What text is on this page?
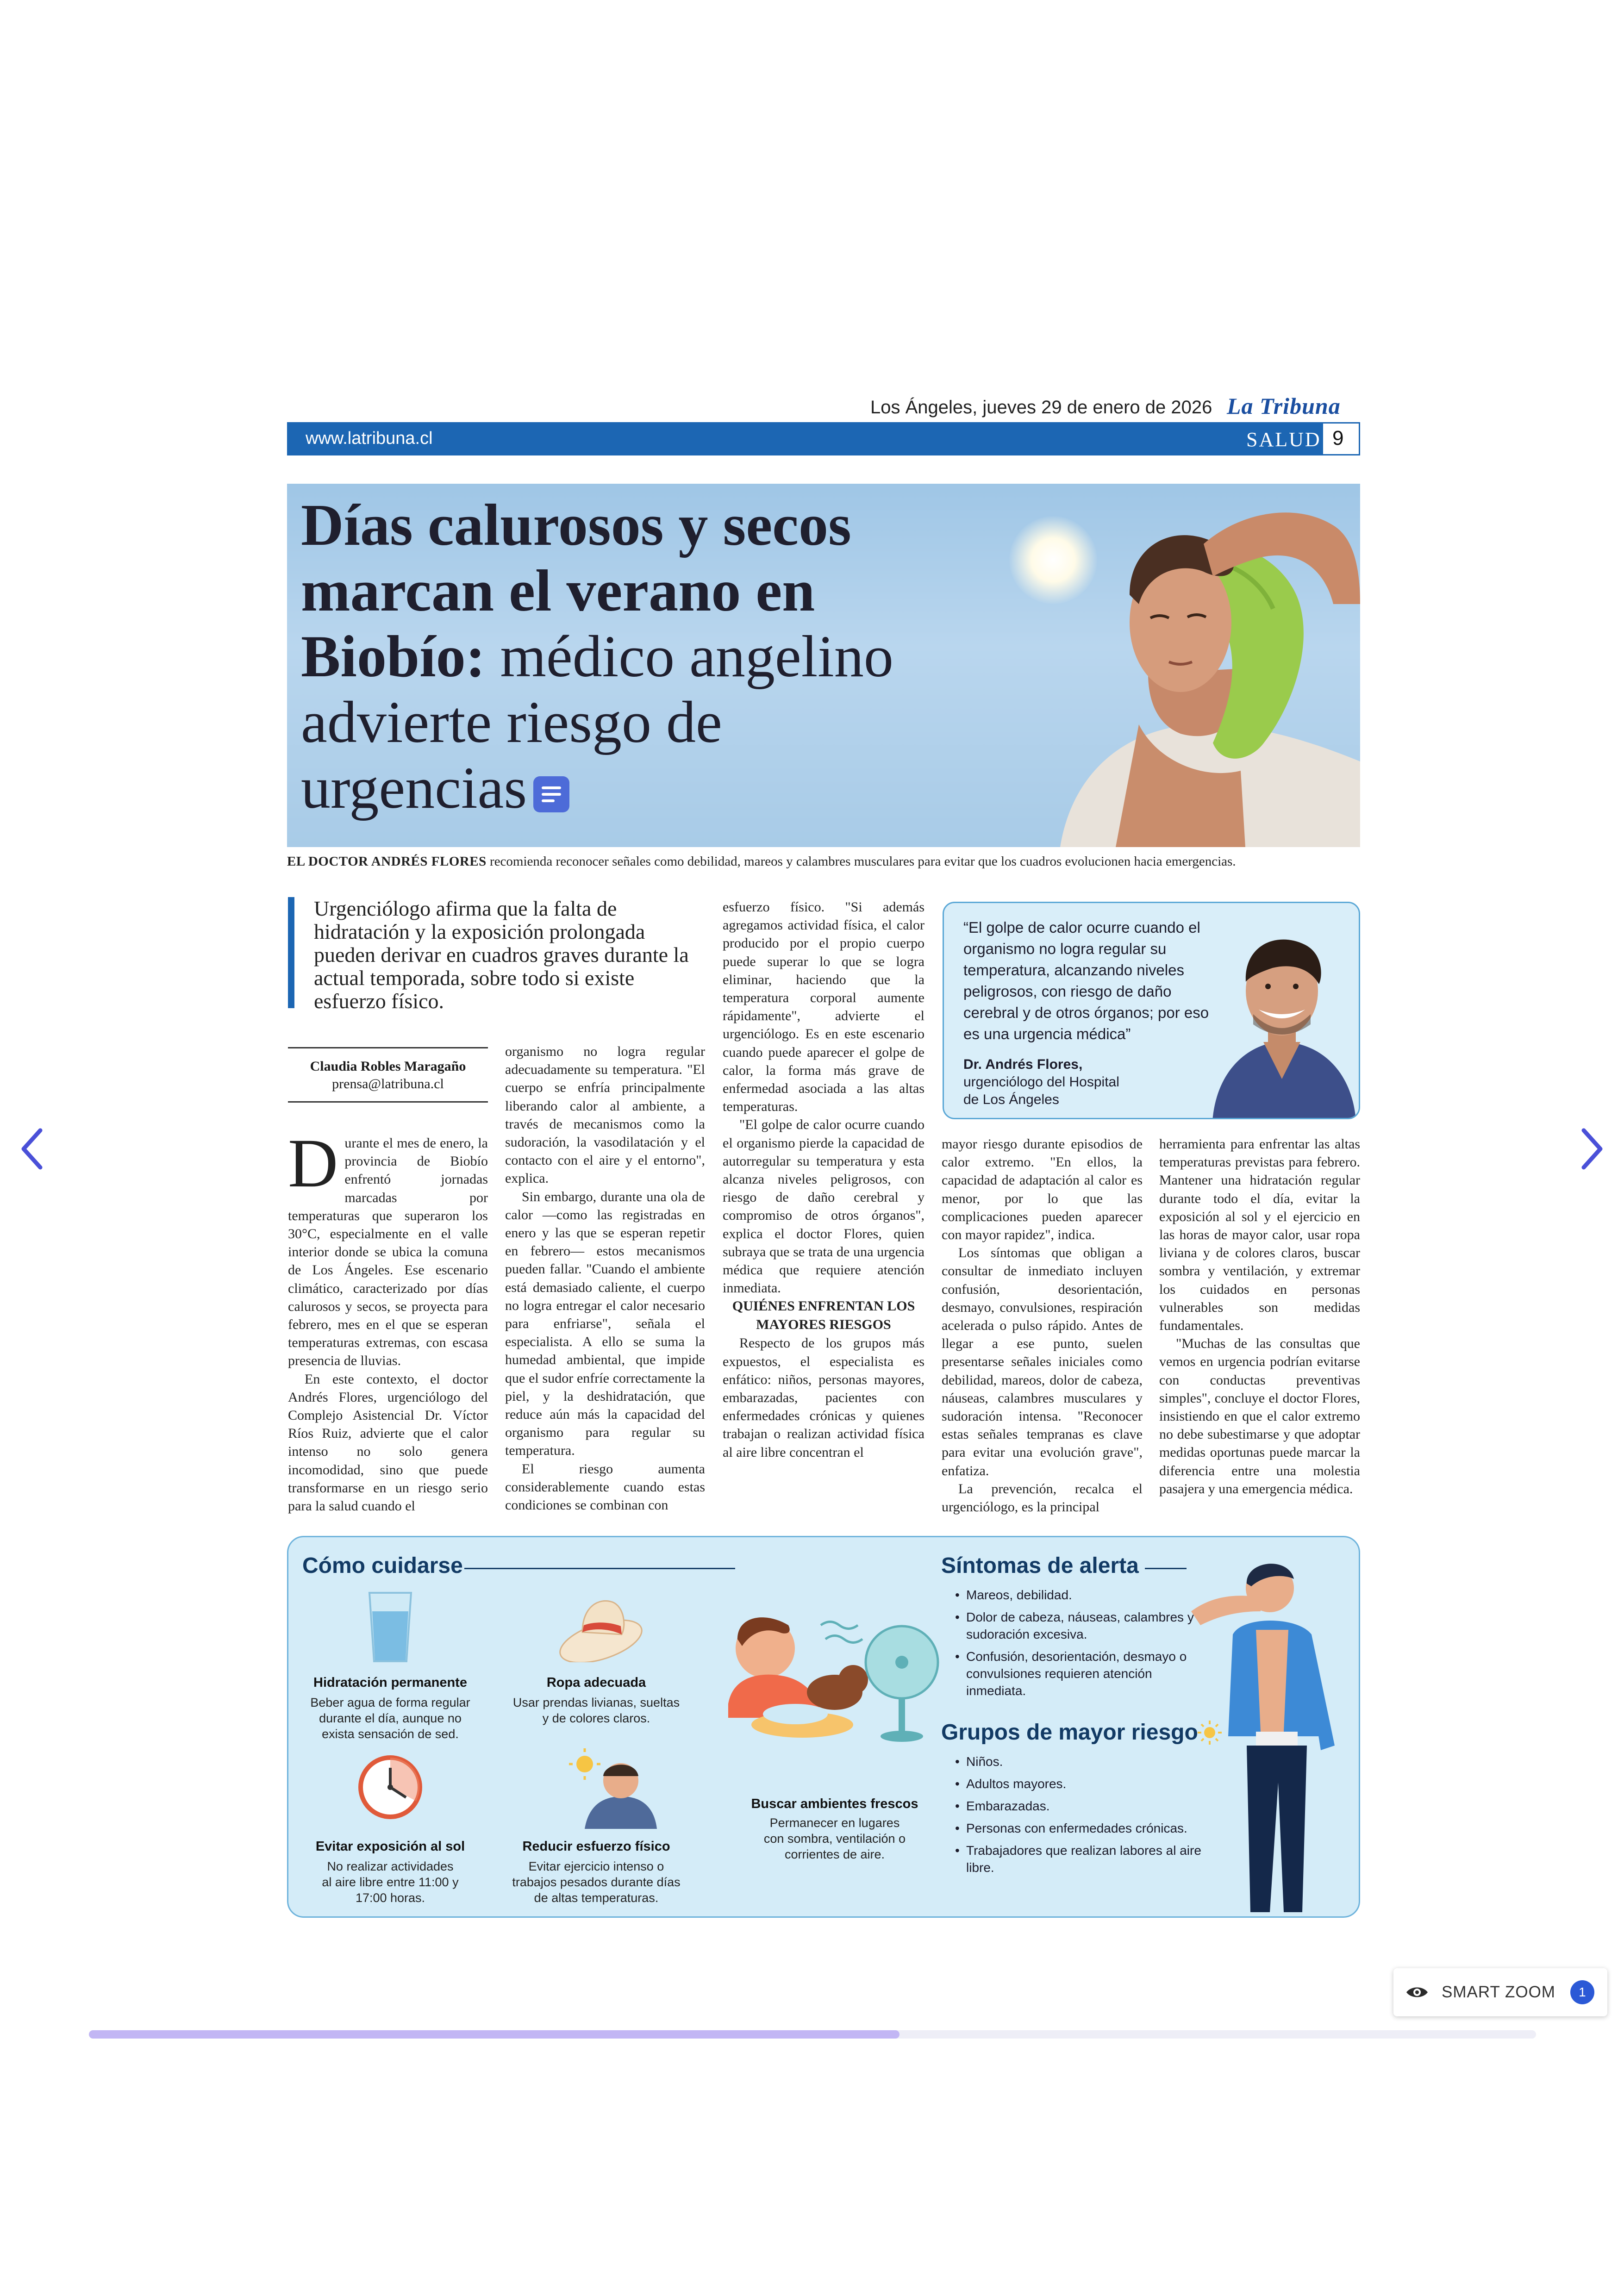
Los Ángeles, jueves 29 de enero de 2026 La Tribuna
www.latribuna.cl	SALUD 9
Días calurosos y secos
marcan el verano en
Biobío: médico angelino
advierte riesgo de
urgencias
EL DOCTOR ANDRÉS FLORES recomienda reconocer señales como debilidad, mareos y calambres musculares para evitar que los cuadros evolucionen hacia emergencias.
Urgenciólogo afirma que la falta de hidratación y la exposición prolongada pueden derivar en cuadros graves durante la actual temporada, sobre todo si existe esfuerzo físico.
Claudia Robles Maragaño
prensa@latribuna.cl

Durante el mes de enero, la provincia de Biobío enfrentó jornadas marcadas por temperaturas que superaron los 30°C, especialmente en el valle interior donde se ubica la comuna de Los Ángeles. Ese escenario climático, caracterizado por días calurosos y secos, se proyecta para febrero, mes en el que se esperan temperaturas extremas, con escasa presencia de lluvias.

En este contexto, el doctor Andrés Flores, urgenciólogo del Complejo Asistencial Dr. Víctor Ríos Ruiz, advierte que el calor intenso no solo genera incomodidad, sino que puede transformarse en un riesgo serio para la salud cuando el

organismo no logra regular adecuadamente su temperatura. "El cuerpo se enfría principalmente liberando calor al ambiente, a través de mecanismos como la sudoración, la vasodilatación y el contacto con el aire y el entorno", explica.

Sin embargo, durante una ola de calor —como las registradas en enero y las que se esperan repetir en febrero— estos mecanismos pueden fallar. "Cuando el ambiente está demasiado caliente, el cuerpo no logra entregar el calor necesario para enfriarse", señala el especialista. A ello se suma la humedad ambiental, que impide que el sudor enfríe correctamente la piel, y la deshidratación, que reduce aún más la capacidad del organismo para regular su temperatura.

El riesgo aumenta considerablemente cuando estas condiciones se combinan con

esfuerzo físico. "Si además agregamos actividad física, el calor producido por el propio cuerpo puede superar lo que se logra eliminar, haciendo que la temperatura corporal aumente rápidamente", advierte el urgenciólogo. Es en este escenario cuando puede aparecer el golpe de calor, la forma más grave de enfermedad asociada a las altas temperaturas.

"El golpe de calor ocurre cuando el organismo pierde la capacidad de autorregular su temperatura y esta alcanza niveles peligrosos, con riesgo de daño cerebral y compromiso de otros órganos", explica el doctor Flores, quien subraya que se trata de una urgencia médica que requiere atención inmediata.

QUIÉNES ENFRENTAN LOS MAYORES RIESGOS

Respecto de los grupos más expuestos, el especialista es enfático: niños, personas mayores, embarazadas, pacientes con enfermedades crónicas y quienes trabajan o realizan actividad física al aire libre concentran el

mayor riesgo durante episodios de calor extremo. "En ellos, la capacidad de adaptación al calor es menor, por lo que las complicaciones pueden aparecer con mayor rapidez", indica.

Los síntomas que obligan a consultar de inmediato incluyen confusión, desorientación, desmayo, convulsiones, respiración acelerada o pulso rápido. Antes de llegar a ese punto, suelen presentarse señales iniciales como debilidad, mareos, dolor de cabeza, náuseas, calambres musculares y sudoración intensa. "Reconocer estas señales tempranas es clave para evitar una evolución grave", enfatiza.

La prevención, recalca el urgenciólogo, es la principal

herramienta para enfrentar las altas temperaturas previstas para febrero. Mantener una hidratación regular durante todo el día, evitar la exposición al sol y el ejercicio en las horas de mayor calor, usar ropa liviana y de colores claros, buscar sombra y ventilación, y extremar los cuidados en personas vulnerables son medidas fundamentales.

"Muchas de las consultas que vemos en urgencia podrían evitarse con conductas preventivas simples", concluye el doctor Flores, insistiendo en que el calor extremo no debe subestimarse y que adoptar medidas oportunas puede marcar la diferencia entre una molestia pasajera y una emergencia médica.

“El golpe de calor ocurre cuando el organismo no logra regular su temperatura, alcanzando niveles peligrosos, con riesgo de daño cerebral y de otros órganos; por eso es una urgencia médica”
Dr. Andrés Flores,
urgenciólogo del Hospital
de Los Ángeles
Cómo cuidarse
Hidratación permanente
Beber agua de forma regular
durante el día, aunque no
exista sensación de sed.
Ropa adecuada
Usar prendas livianas, sueltas
y de colores claros.
Buscar ambientes frescos
Permanecer en lugares
con sombra, ventilación o
corrientes de aire.
Evitar exposición al sol
No realizar actividades
al aire libre entre 11:00 y
17:00 horas.
Reducir esfuerzo físico
Evitar ejercicio intenso o
trabajos pesados durante días
de altas temperaturas.
Síntomas de alerta
• Mareos, debilidad.
• Dolor de cabeza, náuseas, calambres y sudoración excesiva.
• Confusión, desorientación, desmayo o convulsiones requieren atención inmediata.
Grupos de mayor riesgo
• Niños.
• Adultos mayores.
• Embarazadas.
• Personas con enfermedades crónicas.
• Trabajadores que realizan labores al aire libre.
SMART ZOOM	1
